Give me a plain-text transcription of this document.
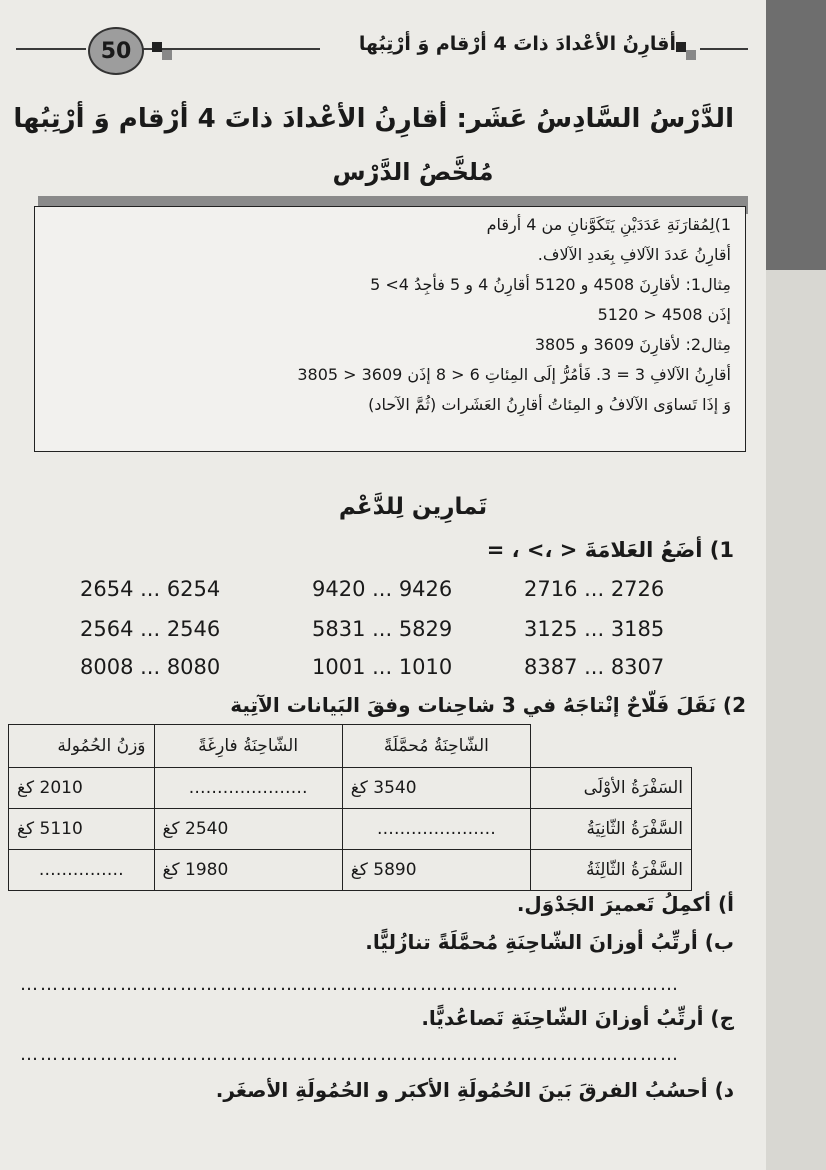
50	أقارِنُ الأعْدادَ ذاتَ 4 أرْقام وَ أرْتِبُها
الدَّرْسُ السَّادِسُ عَشَر: أقارِنُ الأعْدادَ ذاتَ 4 أرْقام وَ أرْتِبُها
مُلخَّصُ الدَّرْس
1)لِمُقارَنَةِ عَدَدَيْنِ يَتَكَوَّنانِ من 4 أرقام
أقارِنُ عَددَ الآلافِ بِعَددِ الآلاف.
مِثال1: لأقارِنَ 4508 و 5120 أقارِنُ 4 و 5 فأجِدُ 4> 5
إذَن 4508 < 5120
مِثال2: لأقارِنَ 3609 و 3805
أقارِنُ الآلافِ 3 = 3. فَأمُرُّ إلَى المِئاتِ 6 < 8 إذَن 3609 < 3805
وَ إذَا تَساوَى الآلافُ و المِئاتُ أقارِنُ العَشَرات (ثُمَّ الآحاد)
تَمارِين لِلدَّعْم
1) أضَعُ العَلامَةَ < ،> ، =
2716 ... 2726
9420 ... 9426
2654 ... 6254
3125 ... 3185
5831 ... 5829
2564 ... 2546
8387 ... 8307
1001 ... 1010
8008 ... 8080
2) نَقَلَ فَلّاحٌ إنْتاجَهُ في 3 شاحِنات وفقَ البَيانات الآتِية
	الشّاحِنَةُ مُحمَّلَةً	الشّاحِنَةُ فارِغَةً	وَزنُ الحُمُولة
السَفْرَةُ الأوْلَى	3540 كغ	…………………	2010 كغ
السَّفْرَةُ الثّانِيَةُ	…………………	2540 كغ	5110 كغ
السَّفْرَةُ الثّالِثَةُ	5890 كغ	1980 كغ	……………
أ) أكمِلُ تَعميرَ الجَدْوَل.
ب) أرتِّبُ أوزانَ الشّاحِنَةِ مُحمَّلَةً تنازُليًّا.
………………………………………………………………………………………
ج) أرتِّبُ أوزانَ الشّاحِنَةِ تَصاعُديًّا.
………………………………………………………………………………………
د) أحسُبُ الفرقَ بَينَ الحُمُولَةِ الأكبَر و الحُمُولَةِ الأصغَر.
